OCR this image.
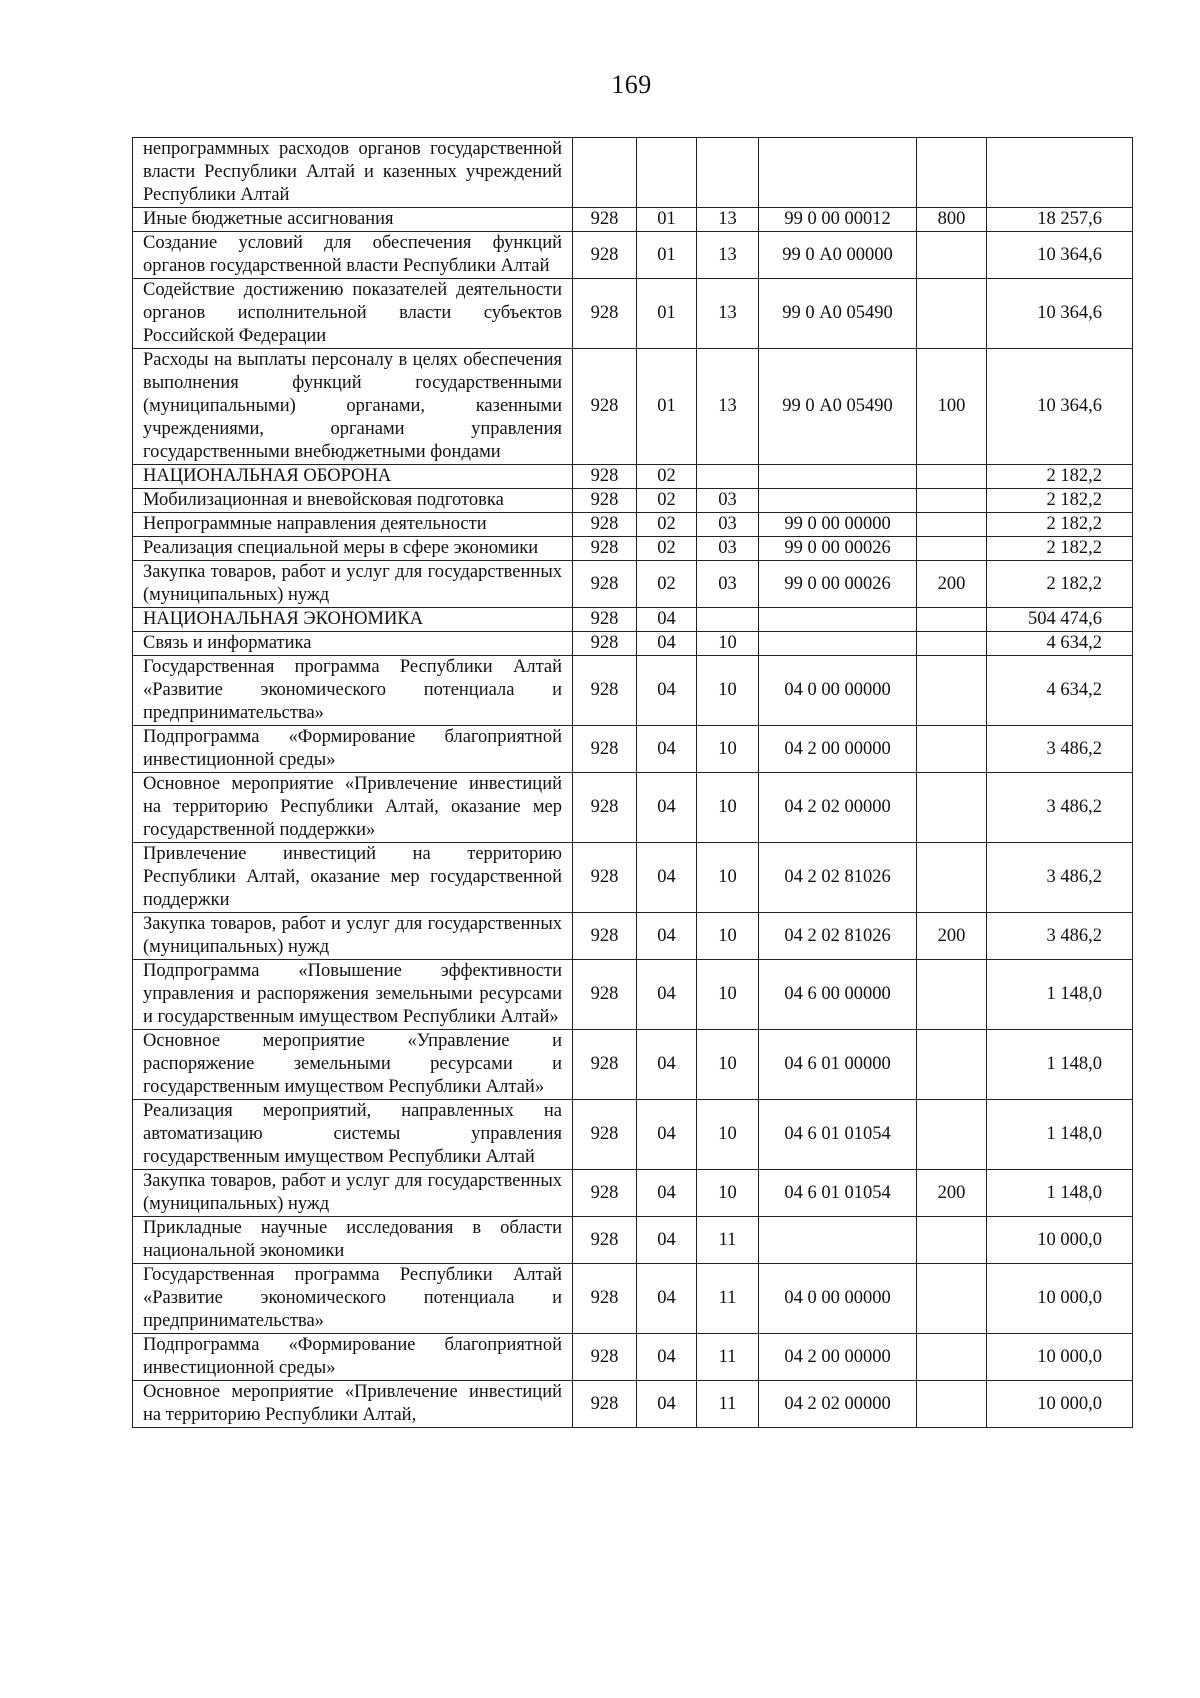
169
непрограммных расходов органов государственной власти Республики Алтай и казенных учреждений Республики Алтай						
Иные бюджетные ассигнования	928	01	13	99 0 00 00012	800	18 257,6
Создание условий для обеспечения функций органов государственной власти Республики Алтай	928	01	13	99 0 А0 00000		10 364,6
Содействие достижению показателей деятельности органов исполнительной власти субъектов Российской Федерации	928	01	13	99 0 А0 05490		10 364,6
Расходы на выплаты персоналу в целях обеспечения выполнения функций государственными (муниципальными) органами, казенными учреждениями, органами управления государственными внебюджетными фондами	928	01	13	99 0 А0 05490	100	10 364,6
НАЦИОНАЛЬНАЯ ОБОРОНА	928	02				2 182,2
Мобилизационная и вневойсковая подготовка	928	02	03			2 182,2
Непрограммные направления деятельности	928	02	03	99 0 00 00000		2 182,2
Реализация специальной меры в сфере экономики	928	02	03	99 0 00 00026		2 182,2
Закупка товаров, работ и услуг для государственных (муниципальных) нужд	928	02	03	99 0 00 00026	200	2 182,2
НАЦИОНАЛЬНАЯ ЭКОНОМИКА	928	04				504 474,6
Связь и информатика	928	04	10			4 634,2
Государственная программа Республики Алтай «Развитие экономического потенциала и предпринимательства»	928	04	10	04 0 00 00000		4 634,2
Подпрограмма «Формирование благоприятной инвестиционной среды»	928	04	10	04 2 00 00000		3 486,2
Основное мероприятие «Привлечение инвестиций на территорию Республики Алтай, оказание мер государственной поддержки»	928	04	10	04 2 02 00000		3 486,2
Привлечение инвестиций на территорию Республики Алтай, оказание мер государственной поддержки	928	04	10	04 2 02 81026		3 486,2
Закупка товаров, работ и услуг для государственных (муниципальных) нужд	928	04	10	04 2 02 81026	200	3 486,2
Подпрограмма «Повышение эффективности управления и распоряжения земельными ресурсами и государственным имуществом Республики Алтай»	928	04	10	04 6 00 00000		1 148,0
Основное мероприятие «Управление и распоряжение земельными ресурсами и государственным имуществом Республики Алтай»	928	04	10	04 6 01 00000		1 148,0
Реализация мероприятий, направленных на автоматизацию системы управления государственным имуществом Республики Алтай	928	04	10	04 6 01 01054		1 148,0
Закупка товаров, работ и услуг для государственных (муниципальных) нужд	928	04	10	04 6 01 01054	200	1 148,0
Прикладные научные исследования в области национальной экономики	928	04	11			10 000,0
Государственная программа Республики Алтай «Развитие экономического потенциала и предпринимательства»	928	04	11	04 0 00 00000		10 000,0
Подпрограмма «Формирование благоприятной инвестиционной среды»	928	04	11	04 2 00 00000		10 000,0
Основное мероприятие «Привлечение инвестиций на территорию Республики Алтай,	928	04	11	04 2 02 00000		10 000,0
